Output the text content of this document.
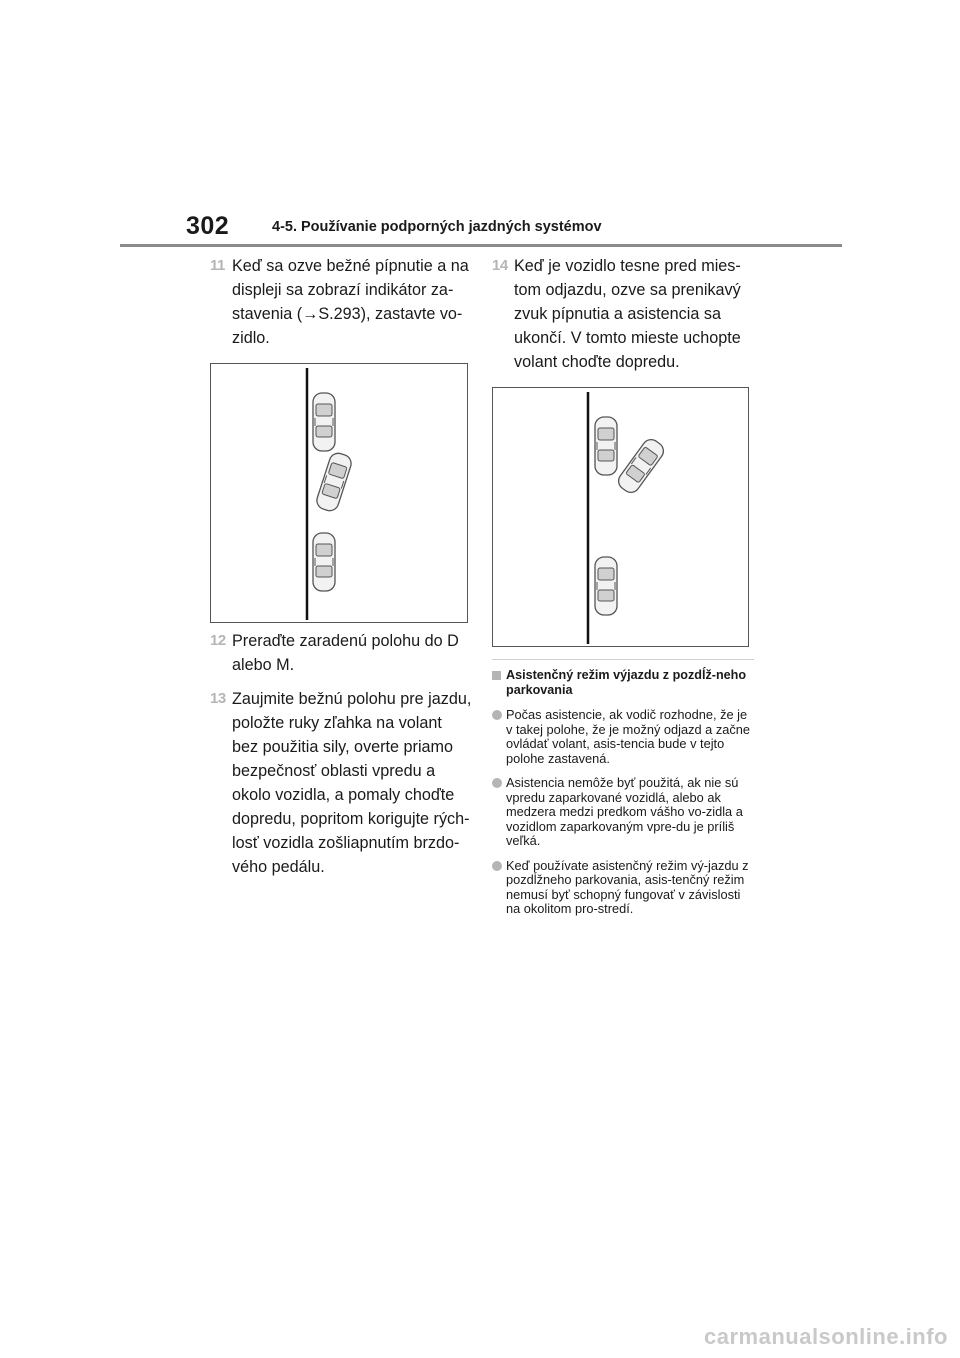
302	4-5. Používanie podporných jazdných systémov
11 Keď sa ozve bežné pípnutie a na displeji sa zobrazí indikátor za-stavenia (→S.293), zastavte vo-zidlo.
12 Preraďte zaradenú polohu do D alebo M.
13 Zaujmite bežnú polohu pre jazdu, položte ruky zľahka na volant bez použitia sily, overte priamo bezpečnosť oblasti vpredu a okolo vozidla, a pomaly choďte dopredu, popritom korigujte rých-losť vozidla zošliapnutím brzdo-vého pedálu.
14 Keď je vozidlo tesne pred mies-tom odjazdu, ozve sa prenikavý zvuk pípnutia a asistencia sa ukončí. V tomto mieste uchopte volant choďte dopredu.
Asistenčný režim výjazdu z pozdĺž-neho parkovania
Počas asistencie, ak vodič rozhodne, že je v takej polohe, že je možný odjazd a začne ovládať volant, asis-tencia bude v tejto polohe zastavená.
Asistencia nemôže byť použitá, ak nie sú vpredu zaparkované vozidlá, alebo ak medzera medzi predkom vášho vo-zidla a vozidlom zaparkovaným vpre-du je príliš veľká.
Keď používate asistenčný režim vý-jazdu z pozdĺžneho parkovania, asis-tenčný režim nemusí byť schopný fungovať v závislosti na okolitom pro-stredí.
carmanualsonline.info
